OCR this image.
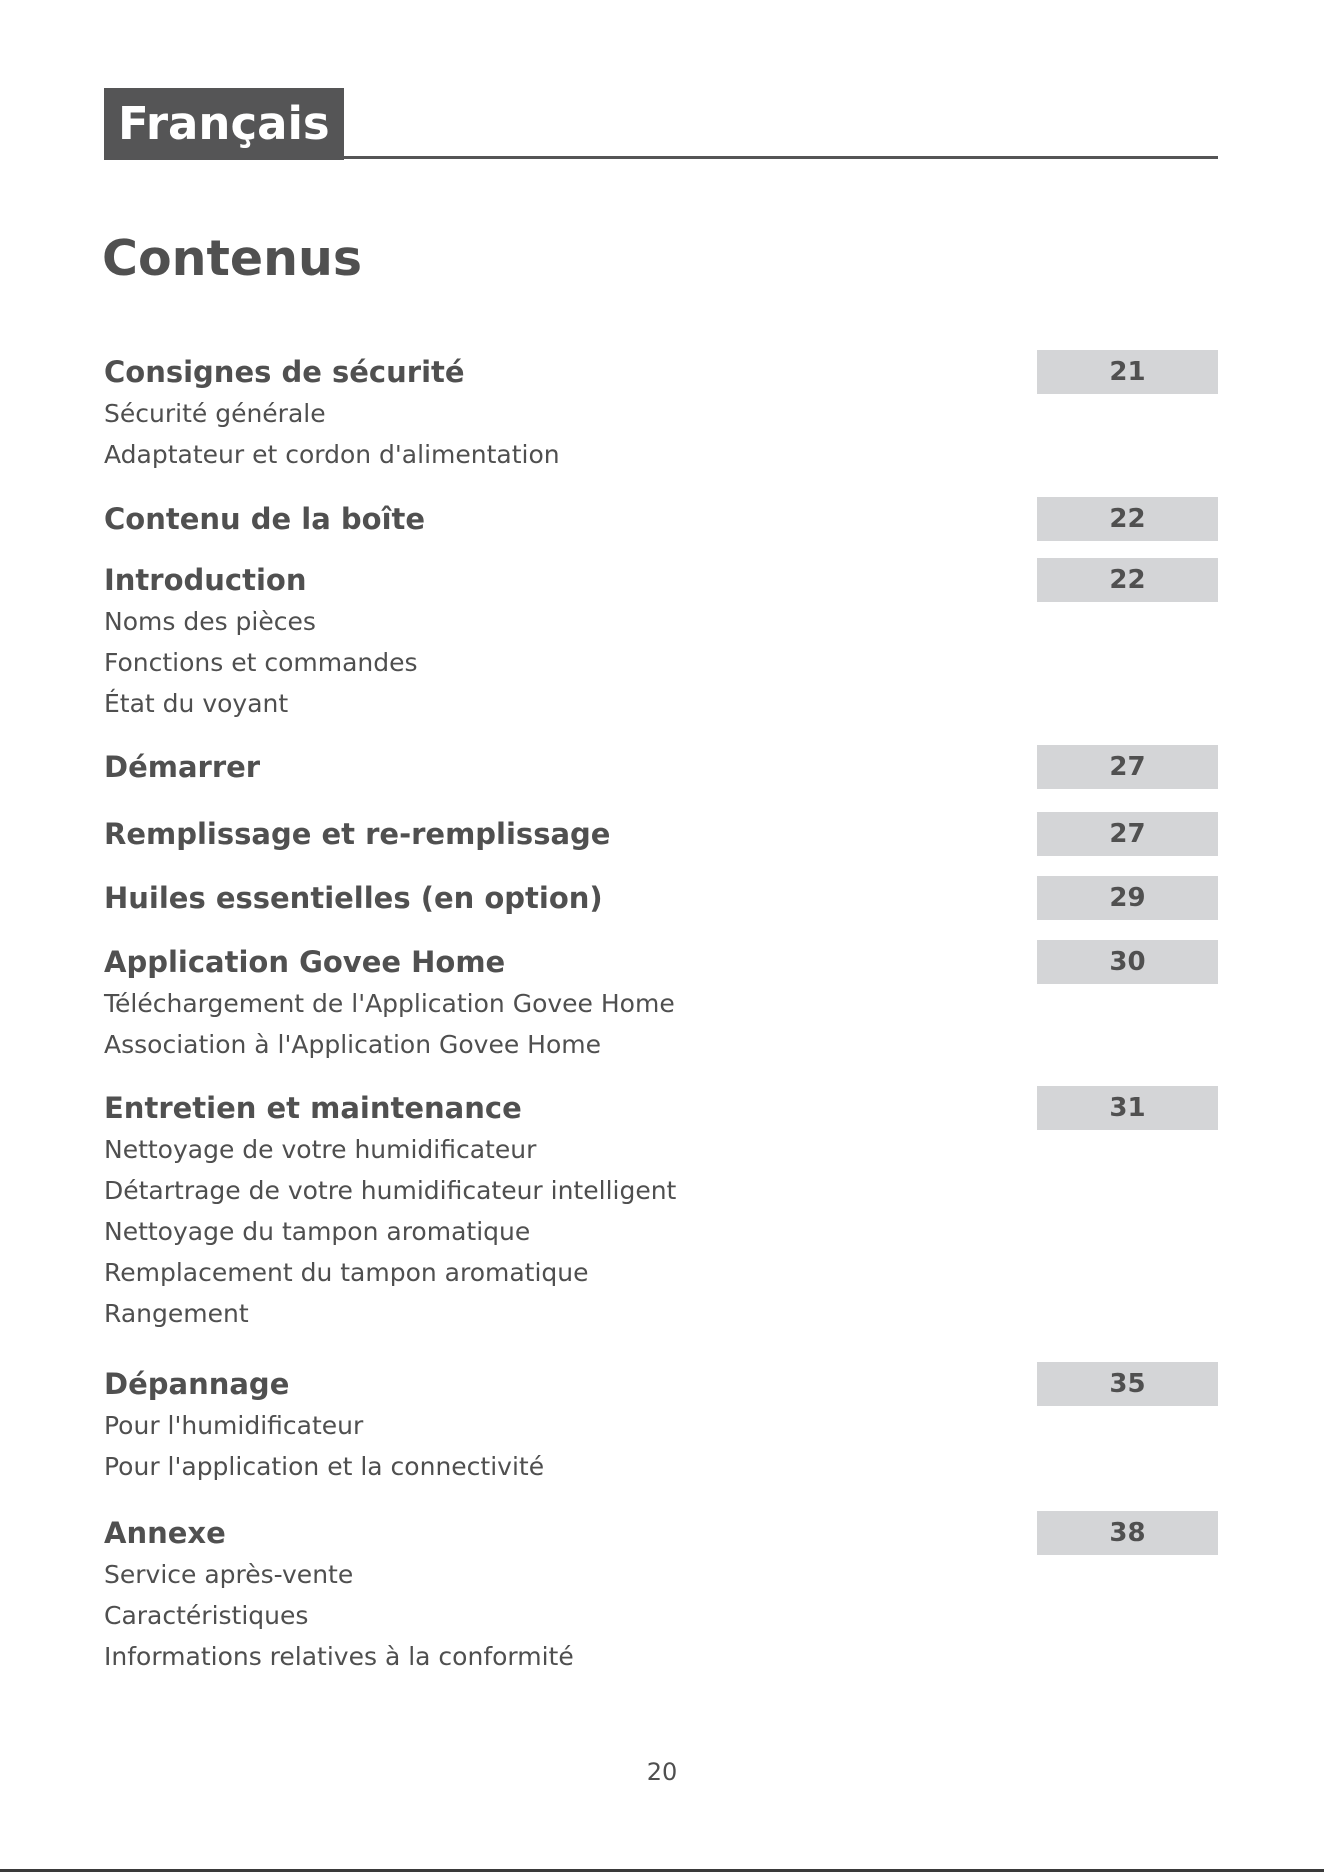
Français
Contenus
Consignes de sécurité	21
Sécurité générale
Adaptateur et cordon d'alimentation
Contenu de la boîte	22
Introduction	22
Noms des pièces
Fonctions et commandes
État du voyant
Démarrer	27
Remplissage et re-remplissage	27
Huiles essentielles (en option)	29
Application Govee Home	30
Téléchargement de l'Application Govee Home
Association à l'Application Govee Home
Entretien et maintenance	31
Nettoyage de votre humidificateur
Détartrage de votre humidificateur intelligent
Nettoyage du tampon aromatique
Remplacement du tampon aromatique
Rangement
Dépannage	35
Pour l'humidificateur
Pour l'application et la connectivité
Annexe	38
Service après-vente
Caractéristiques
Informations relatives à la conformité
20
